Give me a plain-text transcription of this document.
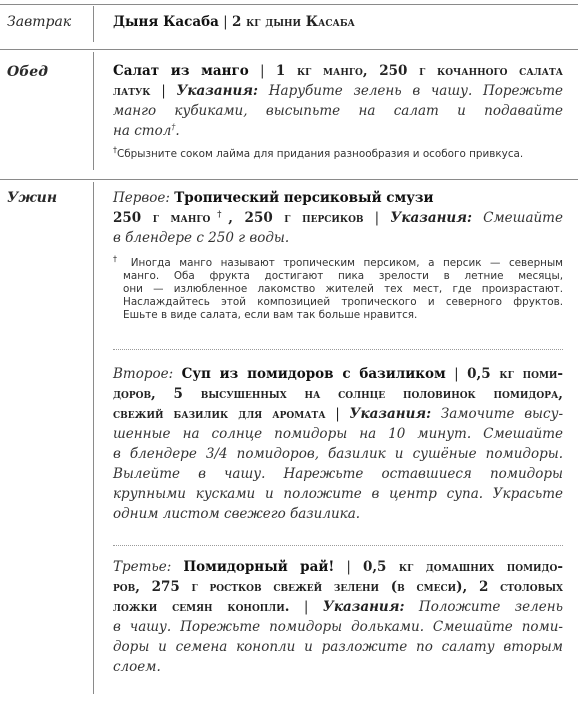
Завтрак	Дыня Касаба | 2 кг дыни Касаба
Обед	Салат из манго | 1 кг манго, 250 г кочанного салата
латук | Указания: Нарубите зелень в чашу. Порежьте
манго кубиками, высыпьте на салат и подавайте
на стол†.
†Сбрызните соком лайма для придания разнообразия и особого привкуса.
Ужин	Первое: Тропический персиковый смузи
250 г манго†, 250 г персиков | Указания: Смешайте
в блендере с 250 г воды.
† Иногда манго называют тропическим персиком, а персик — северным
манго. Оба фрукта достигают пика зрелости в летние месяцы,
они — излюбленное лакомство жителей тех мест, где произрастают.
Наслаждайтесь этой композицией тропического и северного фруктов.
Ешьте в виде салата, если вам так больше нравится.
Второе: Суп из помидоров с базиликом | 0,5 кг поми-
доров, 5 высушенных на солнце половинок помидора,
свежий базилик для аромата | Указания: Замочите высу-
шенные на солнце помидоры на 10 минут. Смешайте
в блендере 3/4 помидоров, базилик и сушёные помидоры.
Вылейте в чашу. Нарежьте оставшиеся помидоры
крупными кусками и положите в центр супа. Украсьте
одним листом свежего базилика.
Третье: Помидорный рай! | 0,5 кг домашних помидо-
ров, 275 г ростков свежей зелени (в смеси), 2 столовых
ложки семян конопли. | Указания: Положите зелень
в чашу. Порежьте помидоры дольками. Смешайте поми-
доры и семена конопли и разложите по салату вторым
слоем.
